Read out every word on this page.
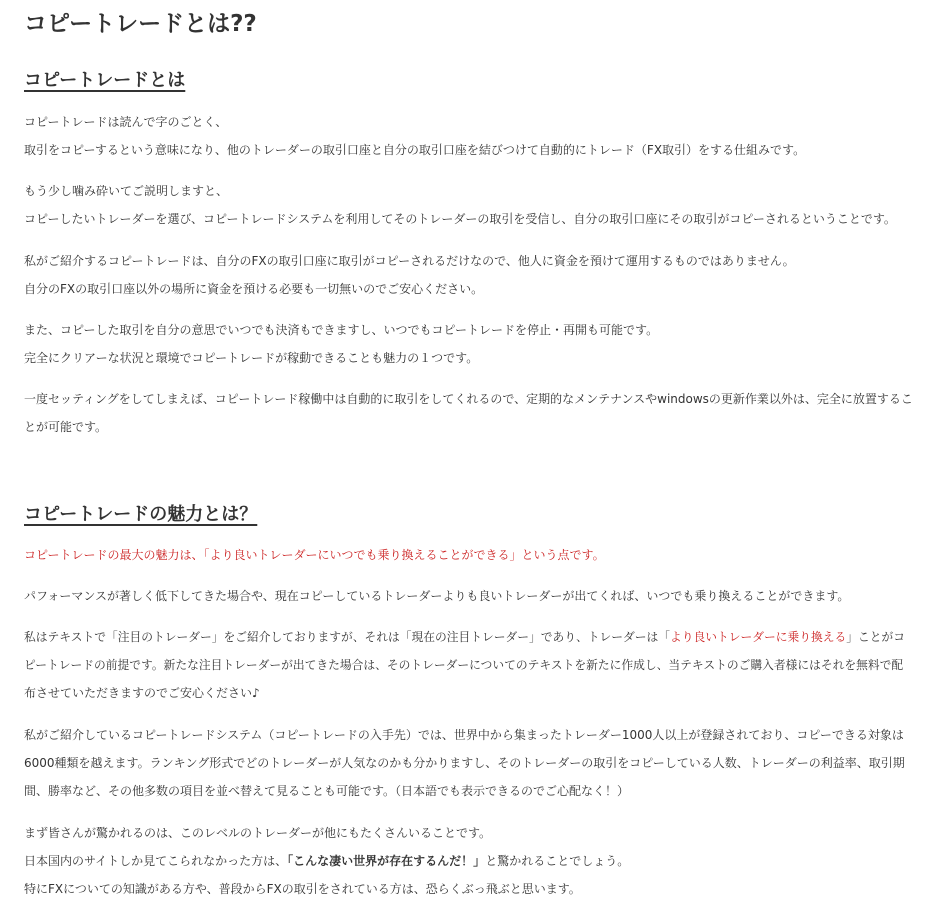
コピートレードとは??
コピートレードとは
コピートレードは読んで字のごとく、
取引をコピーするという意味になり、他のトレーダーの取引口座と自分の取引口座を結びつけて自動的にトレード（FX取引）をする仕組みです。
もう少し噛み砕いてご説明しますと、
コピーしたいトレーダーを選び、コピートレードシステムを利用してそのトレーダーの取引を受信し、自分の取引口座にその取引がコピーされるということです。
私がご紹介するコピートレードは、自分のFXの取引口座に取引がコピーされるだけなので、他人に資金を預けて運用するものではありません。
自分のFXの取引口座以外の場所に資金を預ける必要も一切無いのでご安心ください。
また、コピーした取引を自分の意思でいつでも決済もできますし、いつでもコピートレードを停止・再開も可能です。
完全にクリアーな状況と環境でコピートレードが稼動できることも魅力の１つです。
一度セッティングをしてしまえば、コピートレード稼働中は自動的に取引をしてくれるので、定期的なメンテナンスやwindowsの更新作業以外は、完全に放置するこ
とが可能です。
コピートレードの魅力とは？
コピートレードの最大の魅力は、「より良いトレーダーにいつでも乗り換えることができる」という点です。
パフォーマンスが著しく低下してきた場合や、現在コピーしているトレーダーよりも良いトレーダーが出てくれば、いつでも乗り換えることができます。
私はテキストで「注目のトレーダー」をご紹介しておりますが、それは「現在の注目トレーダー」であり、トレーダーは「より良いトレーダーに乗り換える」ことがコ
ピートレードの前提です。新たな注目トレーダーが出てきた場合は、そのトレーダーについてのテキストを新たに作成し、当テキストのご購入者様にはそれを無料で配
布させていただきますのでご安心ください♪
私がご紹介しているコピートレードシステム（コピートレードの入手先）では、世界中から集まったトレーダー1000人以上が登録されており、コピーできる対象は
6000種類を越えます。ランキング形式でどのトレーダーが人気なのかも分かりますし、そのトレーダーの取引をコピーしている人数、トレーダーの利益率、取引期
間、勝率など、その他多数の項目を並べ替えて見ることも可能です。（日本語でも表示できるのでご心配なく！）
まず皆さんが驚かれるのは、このレベルのトレーダーが他にもたくさんいることです。
日本国内のサイトしか見てこられなかった方は、「こんな凄い世界が存在するんだ！」と驚かれることでしょう。
特にFXについての知識がある方や、普段からFXの取引をされている方は、恐らくぶっ飛ぶと思います。
